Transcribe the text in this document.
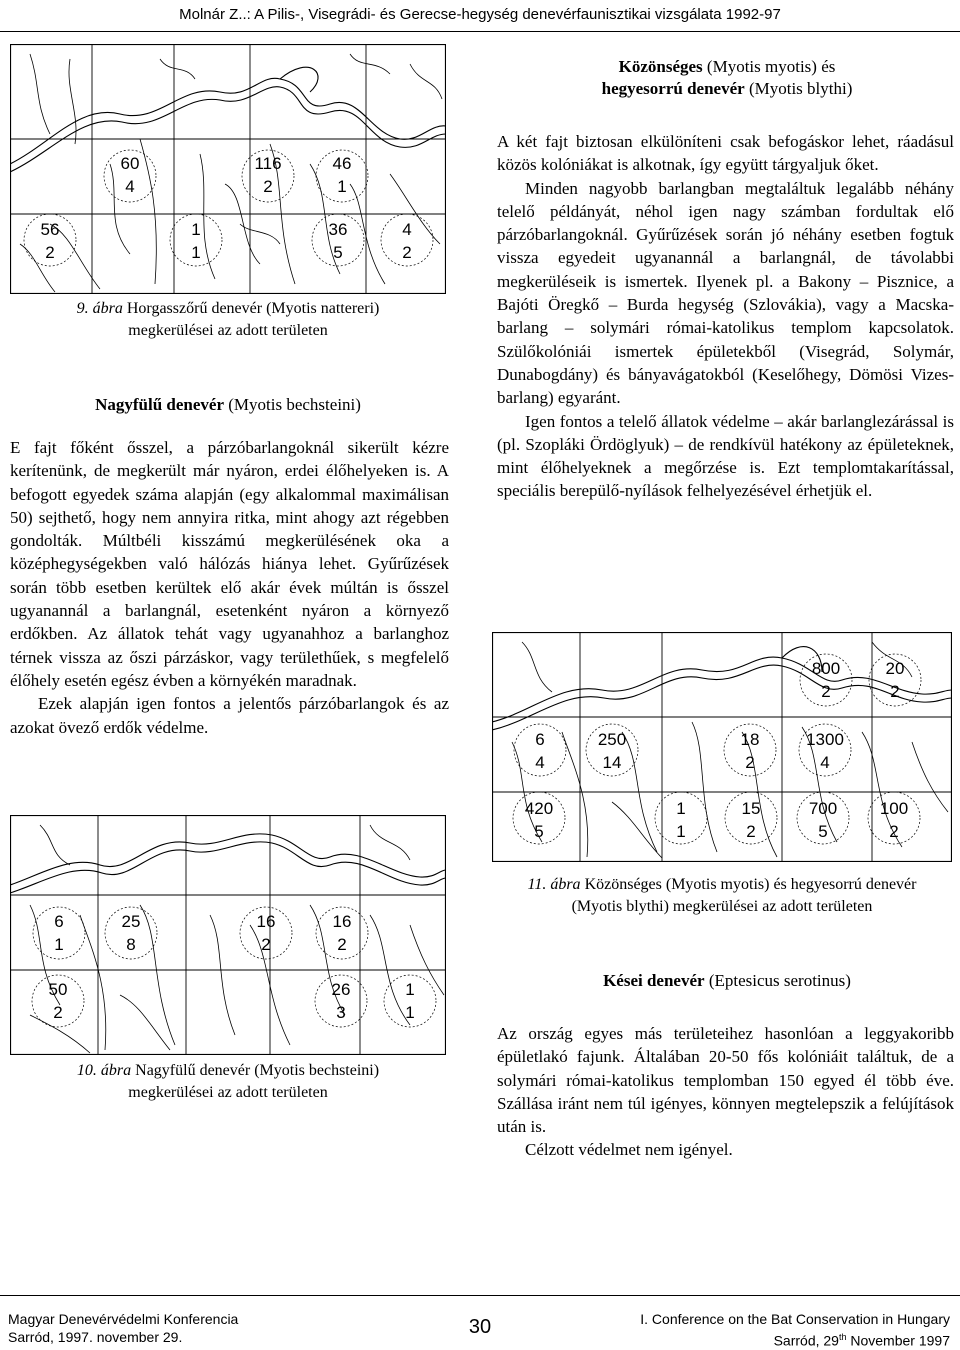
Molnár Z..: A Pilis-, Visegrádi- és Gerecse-hegység denevérfaunisztikai vizsgálata 1992-97
60
4
116
2
46
1
56
2
1
1
36
5
4
2
9. ábra Horgasszőrű denevér (Myotis nattereri)
megkerülései az adott területen
Nagyfülű denevér (Myotis bechsteini)

E fajt főként ősszel, a párzóbarlangoknál sikerült kézre kerítenünk, de megkerült már nyáron, erdei élőhelyeken is. A befogott egyedek száma alapján (egy alkalommal maximálisan 50) sejthető, hogy nem annyira ritka, mint ahogy azt régebben gondolták. Múltbéli kisszámú megkerülésének oka a középhegységekben való hálózás hiánya lehet. Gyűrűzések során több esetben kerültek elő akár évek múltán is ősszel ugyanannál a barlangnál, esetenként nyáron a környező erdőkben. Az állatok tehát vagy ugyanahhoz a barlanghoz térnek vissza az őszi párzáskor, vagy területhűek, s megfelelő élőhely esetén egész évben a környékén maradnak.

Ezek alapján igen fontos a jelentős párzóbarlangok és az azokat övező erdők védelme.

6
1
25
8
16
2
16
2
50
2
26
3
1
1
10. ábra Nagyfülű denevér (Myotis bechsteini)
megkerülései az adott területen
Közönséges (Myotis myotis) és
hegyesorrú denevér (Myotis blythi)

A két fajt biztosan elkülöníteni csak befogáskor lehet, ráadásul közös kolóniákat is alkotnak, így együtt tárgyaljuk őket.

Minden nagyobb barlangban megtaláltuk legalább néhány telelő példányát, néhol igen nagy számban fordultak elő párzóbarlangoknál. Gyűrűzések során jó néhány esetben fogtuk vissza egyedeit ugyanannál a barlangnál, de távolabbi megkerüléseik is ismertek. Ilyenek pl. a Bakony – Pisznice, a Bajóti Öregkő – Burda hegység (Szlovákia), vagy a Macska-barlang – solymári római-katolikus templom kapcsolatok. Szülőkolóniái ismertek épületekből (Visegrád, Solymár, Dunabogdány) és bányavágatokból (Keselőhegy, Dömösi Vizes-barlang) egyaránt.

Igen fontos a telelő állatok védelme – akár barlanglezárással is (pl. Szopláki Ördöglyuk) – de rendkívül hatékony az épületeknek, mint élőhelyeknek a megőrzése is. Ezt templomtakarítással, speciális berepülő-nyílások felhelyezésével érhetjük el.

800
2
20
2
6
4
250
14
18
2
1300
4
420
5
1
1
15
2
700
5
100
2
11. ábra Közönséges (Myotis myotis) és hegyesorrú denevér
(Myotis blythi) megkerülései az adott területen
Kései denevér (Eptesicus serotinus)

Az ország egyes más területeihez hasonlóan a leggyakoribb épületlakó fajunk. Általában 20-50 fős kolóniáit találtuk, de a solymári római-katolikus templomban 150 egyed él több éve. Szállása iránt nem túl igényes, könnyen megtelepszik a felújítások után is.

Célzott védelmet nem igényel.

Magyar Denevérvédelmi Konferencia
Sarród, 1997. november 29.	30	I. Conference on the Bat Conservation in Hungary
Sarród, 29th November 1997
